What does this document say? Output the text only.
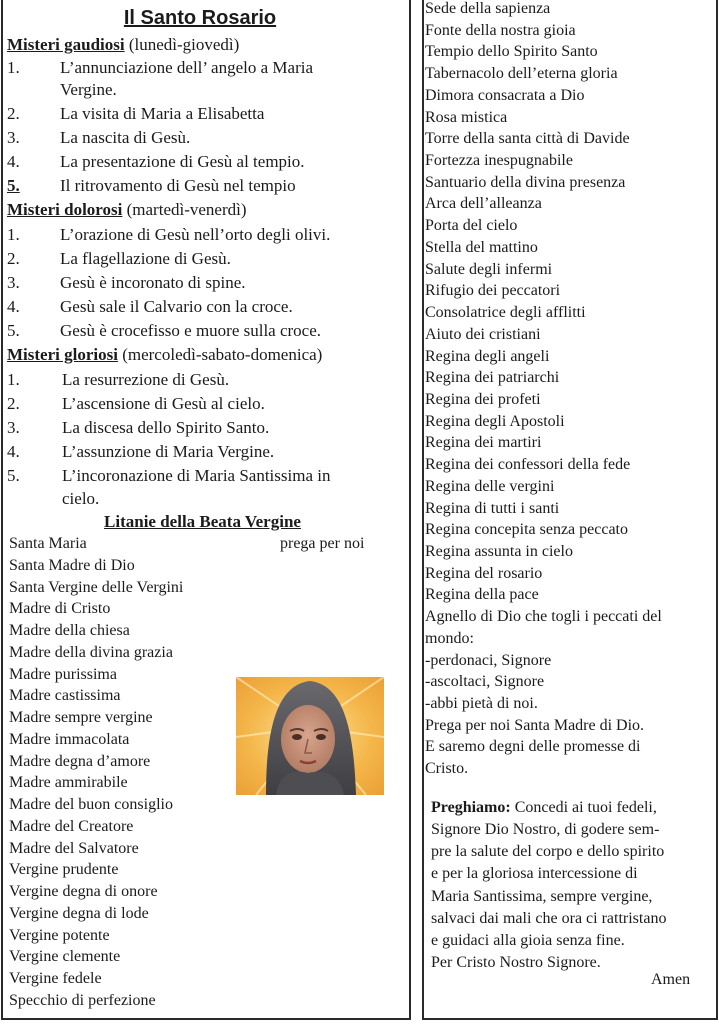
Il Santo Rosario
Misteri gaudiosi (lunedì-giovedì)
1. L’annunciazione dell’ angelo a Maria
Vergine.
2. La visita di Maria a Elisabetta
3. La nascita di Gesù.
4. La presentazione di Gesù al tempio.
5.	Il ritrovamento di Gesù nel tempio
Misteri dolorosi (martedì-venerdì)
1. L’orazione di Gesù nell’orto degli olivi.
2. La flagellazione di Gesù.
3. Gesù è incoronato di spine.
4. Gesù sale il Calvario con la croce.
5. Gesù è crocefisso e muore sulla croce.
Misteri gloriosi (mercoledì-sabato-domenica)
1. La resurrezione di Gesù.
2. L’ascensione di Gesù al cielo.
3. La discesa dello Spirito Santo.
4. L’assunzione di Maria Vergine.
5. L’incoronazione di Maria Santissima in
cielo.
Litanie della Beata Vergine
prega per noi
Santa Maria
Santa Madre di Dio
Santa Vergine delle Vergini
Madre di Cristo
Madre della chiesa
Madre della divina grazia
Madre purissima
Madre castissima
Madre sempre vergine
Madre immacolata
Madre degna d’amore
Madre ammirabile
Madre del buon consiglio
Madre del Creatore
Madre del Salvatore
Vergine prudente
Vergine degna di onore
Vergine degna di lode
Vergine potente
Vergine clemente
Vergine fedele
Specchio di perfezione
Sede della sapienza
Fonte della nostra gioia
Tempio dello Spirito Santo
Tabernacolo dell’eterna gloria
Dimora consacrata a Dio
Rosa mistica
Torre della santa città di Davide
Fortezza inespugnabile
Santuario della divina presenza
Arca dell’alleanza
Porta del cielo
Stella del mattino
Salute degli infermi
Rifugio dei peccatori
Consolatrice degli afflitti
Aiuto dei cristiani
Regina degli angeli
Regina dei patriarchi
Regina dei profeti
Regina degli Apostoli
Regina dei martiri
Regina dei confessori della fede
Regina delle vergini
Regina di tutti i santi
Regina concepita senza peccato
Regina assunta in cielo
Regina del rosario
Regina della pace
Agnello di Dio che togli i peccati del
mondo:
-perdonaci, Signore
-ascoltaci, Signore
-abbi pietà di noi.
Prega per noi Santa Madre di Dio.
E saremo degni delle promesse di
Cristo.
Preghiamo: Concedi ai tuoi fedeli,
Signore Dio Nostro, di godere sem-
pre la salute del corpo e dello spirito
e per la gloriosa intercessione di
Maria Santissima, sempre vergine,
salvaci dai mali che ora ci rattristano
e guidaci alla gioia senza fine.
Per Cristo Nostro Signore.
Amen
